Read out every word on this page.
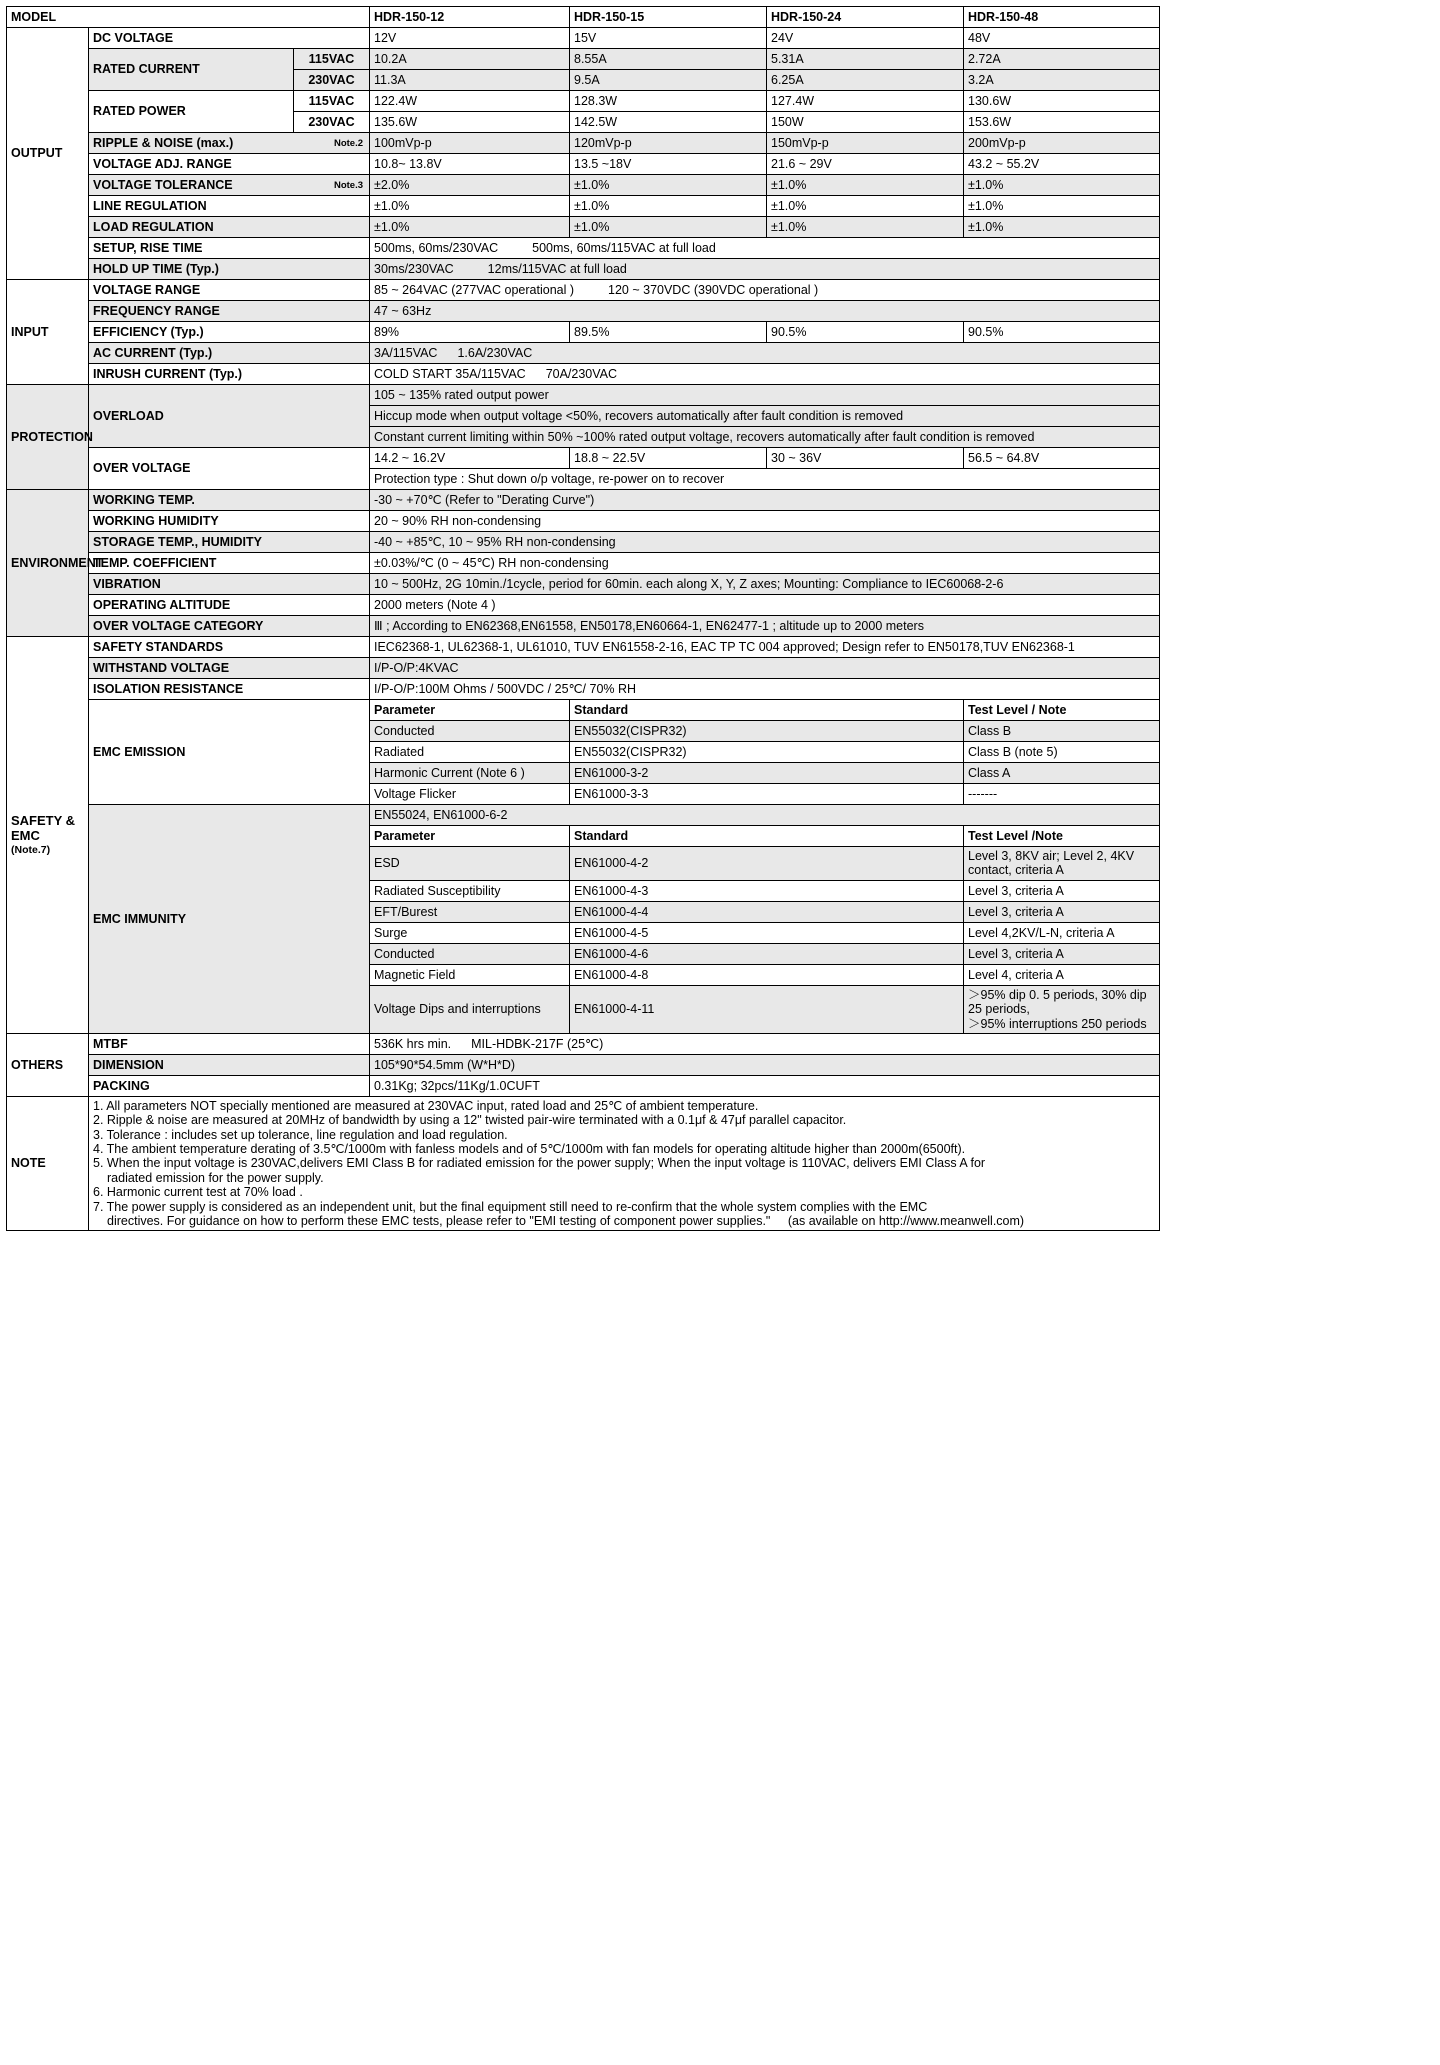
MODEL			HDR-150-12	HDR-150-15	HDR-150-24	HDR-150-48
OUTPUT	DC VOLTAGE		12V	15V	24V	48V
	RATED CURRENT	115VAC	10.2A	8.55A	5.31A	2.72A
		230VAC	11.3A	9.5A	6.25A	3.2A
	RATED POWER	115VAC	122.4W	128.3W	127.4W	130.6W
		230VAC	135.6W	142.5W	150W	153.6W
	RIPPLE & NOISE (max.) Note.2		100mVp-p	120mVp-p	150mVp-p	200mVp-p
	VOLTAGE ADJ. RANGE		10.8~ 13.8V	13.5 ~18V	21.6 ~ 29V	43.2 ~ 55.2V
	VOLTAGE TOLERANCE Note.3		±2.0%	±1.0%	±1.0%	±1.0%
	LINE REGULATION		±1.0%	±1.0%	±1.0%	±1.0%
	LOAD REGULATION		±1.0%	±1.0%	±1.0%	±1.0%
	SETUP, RISE TIME		500ms, 60ms/230VAC 500ms, 60ms/115VAC at full load			
	HOLD UP TIME (Typ.)		30ms/230VAC 12ms/115VAC at full load			
INPUT	VOLTAGE RANGE		85 ~ 264VAC (277VAC operational ) 120 ~ 370VDC (390VDC operational )			
	FREQUENCY RANGE		47 ~ 63Hz			
	EFFICIENCY (Typ.)		89%	89.5%	90.5%	90.5%
	AC CURRENT (Typ.)		3A/115VAC 1.6A/230VAC			
	INRUSH CURRENT (Typ.)		COLD START 35A/115VAC 70A/230VAC			
PROTECTION	OVERLOAD		105 ~ 135% rated output power			
			Hiccup mode when output voltage <50%, recovers automatically after fault condition is removed			
			Constant current limiting within 50% ~100% rated output voltage, recovers automatically after fault condition is removed			
	OVER VOLTAGE		14.2 ~ 16.2V	18.8 ~ 22.5V	30 ~ 36V	56.5 ~ 64.8V
			Protection type : Shut down o/p voltage, re-power on to recover			
ENVIRONMENT	WORKING TEMP.		-30 ~ +70℃ (Refer to "Derating Curve")			
	WORKING HUMIDITY		20 ~ 90% RH non-condensing			
	STORAGE TEMP., HUMIDITY		-40 ~ +85℃, 10 ~ 95% RH non-condensing			
	TEMP. COEFFICIENT		±0.03%/℃ (0 ~ 45℃) RH non-condensing			
	VIBRATION		10 ~ 500Hz, 2G 10min./1cycle, period for 60min. each along X, Y, Z axes; Mounting: Compliance to IEC60068-2-6			
	OPERATING ALTITUDE		2000 meters (Note 4 )			
	OVER VOLTAGE CATEGORY		Ⅲ ; According to EN62368,EN61558, EN50178,EN60664-1, EN62477-1 ; altitude up to 2000 meters			

SAFETY &
EMC
(Note.7)	SAFETY STANDARDS		IEC62368-1, UL62368-1, UL61010, TUV EN61558-2-16, EAC TP TC 004 approved; Design refer to EN50178,TUV EN62368-1			
	WITHSTAND VOLTAGE		I/P-O/P:4KVAC			
	ISOLATION RESISTANCE		I/P-O/P:100M Ohms / 500VDC / 25℃/ 70% RH			
	EMC EMISSION		Parameter	Standard		Test Level / Note
			Conducted	EN55032(CISPR32)		Class B
			Radiated	EN55032(CISPR32)		Class B (note 5)
			Harmonic Current (Note 6 )	EN61000-3-2		Class A
			Voltage Flicker	EN61000-3-3		-------
	EMC IMMUNITY		EN55024, EN61000-6-2			
			Parameter	Standard		Test Level /Note
			ESD	EN61000-4-2		Level 3, 8KV air; Level 2, 4KV contact, criteria A
			Radiated Susceptibility	EN61000-4-3		Level 3, criteria A
			EFT/Burest	EN61000-4-4		Level 3, criteria A
			Surge	EN61000-4-5		Level 4,2KV/L-N, criteria A
			Conducted	EN61000-4-6		Level 3, criteria A
			Magnetic Field	EN61000-4-8		Level 4, criteria A
			Voltage Dips and interruptions	EN61000-4-11		＞95% dip 0. 5 periods, 30% dip 25 periods,
＞95% interruptions 250 periods

OTHERS	MTBF		536K hrs min. MIL-HDBK-217F (25℃)			
	DIMENSION		105*90*54.5mm (W*H*D)			
	PACKING		0.31Kg; 32pcs/11Kg/1.0CUFT			
NOTE	
1. All parameters NOT specially mentioned are measured at 230VAC input, rated load and 25℃ of ambient temperature.
2. Ripple & noise are measured at 20MHz of bandwidth by using a 12" twisted pair-wire terminated with a 0.1μf & 47μf parallel capacitor.
3. Tolerance : includes set up tolerance, line regulation and load regulation.
4. The ambient temperature derating of 3.5℃/1000m with fanless models and of 5℃/1000m with fan models for operating altitude higher than 2000m(6500ft).
5. When the input voltage is 230VAC,delivers EMI Class B for radiated emission for the power supply; When the input voltage is 110VAC, delivers EMI Class A for
radiated emission for the power supply.
6. Harmonic current test at 70% load .
7. The power supply is considered as an independent unit, but the final equipment still need to re-confirm that the whole system complies with the EMC
directives. For guidance on how to perform these EMC tests, please refer to "EMI testing of component power supplies." (as available on http://www.meanwell.com)
